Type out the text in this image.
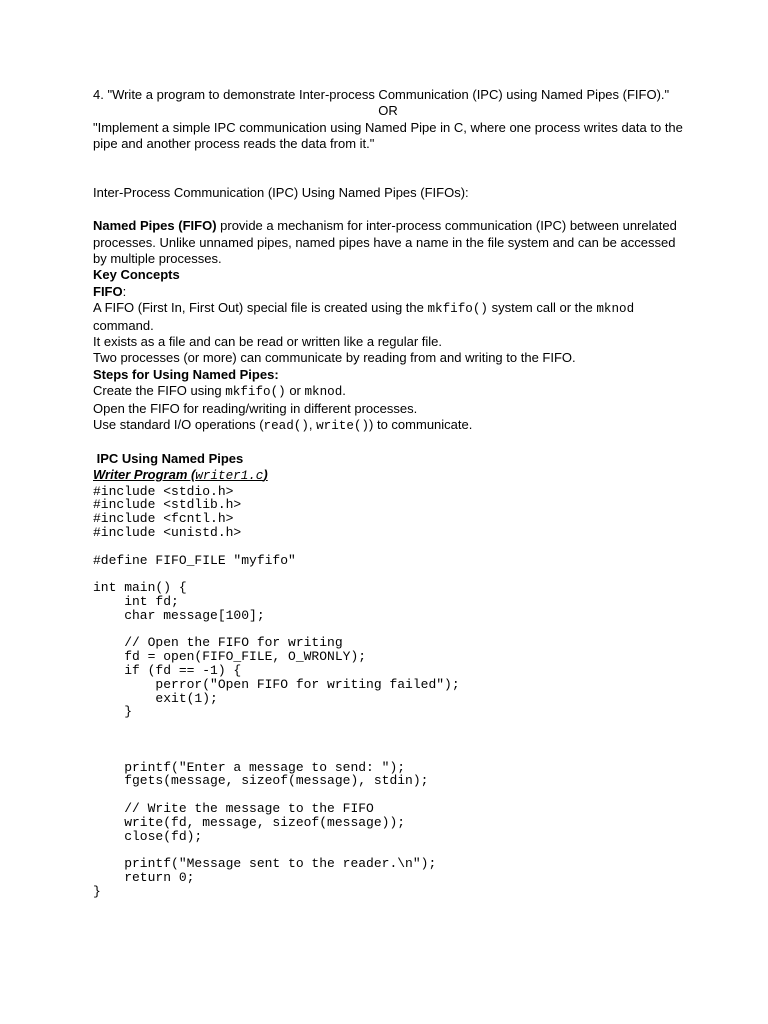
4. "Write a program to demonstrate Inter-process Communication (IPC) using Named Pipes (FIFO)."

OR

"Implement a simple IPC communication using Named Pipe in C, where one process writes data to the pipe and another process reads the data from it."

Inter-Process Communication (IPC) Using Named Pipes (FIFOs):

Named Pipes (FIFO) provide a mechanism for inter-process communication (IPC) between unrelated processes. Unlike unnamed pipes, named pipes have a name in the file system and can be accessed by multiple processes.

Key Concepts

FIFO:

A FIFO (First In, First Out) special file is created using the mkfifo() system call or the mknod command.

It exists as a file and can be read or written like a regular file.

Two processes (or more) can communicate by reading from and writing to the FIFO.

Steps for Using Named Pipes:

Create the FIFO using mkfifo() or mknod.

Open the FIFO for reading/writing in different processes.

Use standard I/O operations (read(), write()) to communicate.

IPC Using Named Pipes

Writer Program (writer1.c)

#include <stdio.h>
#include <stdlib.h>
#include <fcntl.h>
#include <unistd.h>

#define FIFO_FILE "myfifo"

int main() {
int fd;
char message[100];

// Open the FIFO for writing
fd = open(FIFO_FILE, O_WRONLY);
if (fd == -1) {
perror("Open FIFO for writing failed");
exit(1);
}

printf("Enter a message to send: ");
fgets(message, sizeof(message), stdin);

// Write the message to the FIFO
write(fd, message, sizeof(message));
close(fd);

printf("Message sent to the reader.\n");
return 0;
}
